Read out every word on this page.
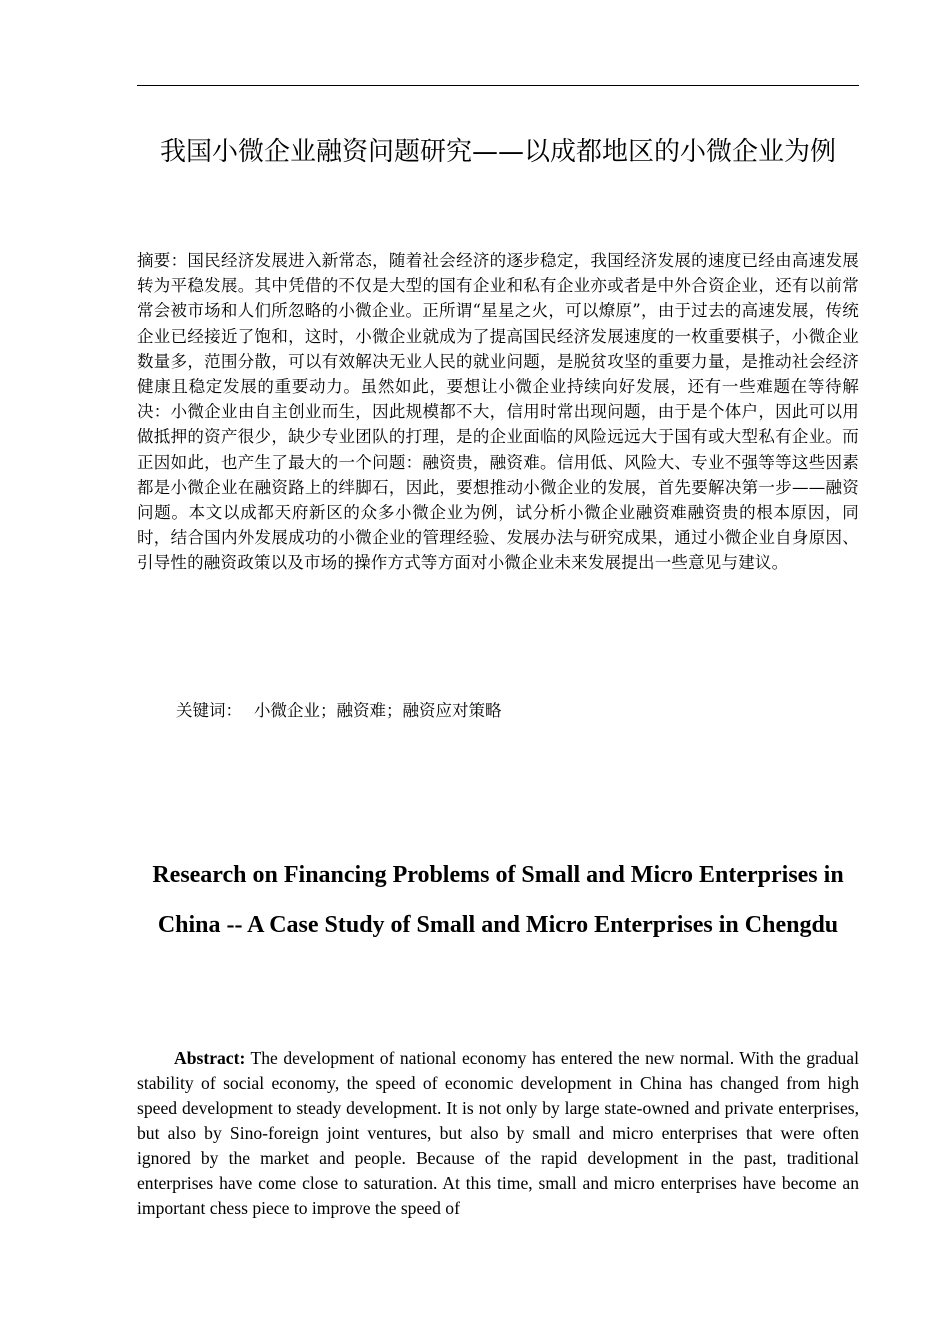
我国小微企业融资问题研究——以成都地区的小微企业为例
摘要：国民经济发展进入新常态，随着社会经济的逐步稳定，我国经济发展的速度已经由高速发展转为平稳发展。其中凭借的不仅是大型的国有企业和私有企业亦或者是中外合资企业，还有以前常常会被市场和人们所忽略的小微企业。正所谓“星星之火，可以燎原”，由于过去的高速发展，传统企业已经接近了饱和，这时，小微企业就成为了提高国民经济发展速度的一枚重要棋子，小微企业数量多，范围分散，可以有效解决无业人民的就业问题，是脱贫攻坚的重要力量，是推动社会经济健康且稳定发展的重要动力。虽然如此，要想让小微企业持续向好发展，还有一些难题在等待解决：小微企业由自主创业而生，因此规模都不大，信用时常出现问题，由于是个体户，因此可以用做抵押的资产很少，缺少专业团队的打理，是的企业面临的风险远远大于国有或大型私有企业。而正因如此，也产生了最大的一个问题：融资贵，融资难。信用低、风险大、专业不强等等这些因素都是小微企业在融资路上的绊脚石，因此，要想推动小微企业的发展，首先要解决第一步——融资问题。本文以成都天府新区的众多小微企业为例，试分析小微企业融资难融资贵的根本原因，同时，结合国内外发展成功的小微企业的管理经验、发展办法与研究成果，通过小微企业自身原因、引导性的融资政策以及市场的操作方式等方面对小微企业未来发展提出一些意见与建议。
关键词： 小微企业；融资难；融资应对策略
Research on Financing Problems of Small and Micro Enterprises in China -- A Case Study of Small and Micro Enterprises in Chengdu
Abstract: The development of national economy has entered the new normal. With the gradual stability of social economy, the speed of economic development in China has changed from high speed development to steady development. It is not only by large state-owned and private enterprises, but also by Sino-foreign joint ventures, but also by small and micro enterprises that were often ignored by the market and people. Because of the rapid development in the past, traditional enterprises have come close to saturation. At this time, small and micro enterprises have become an important chess piece to improve the speed of
